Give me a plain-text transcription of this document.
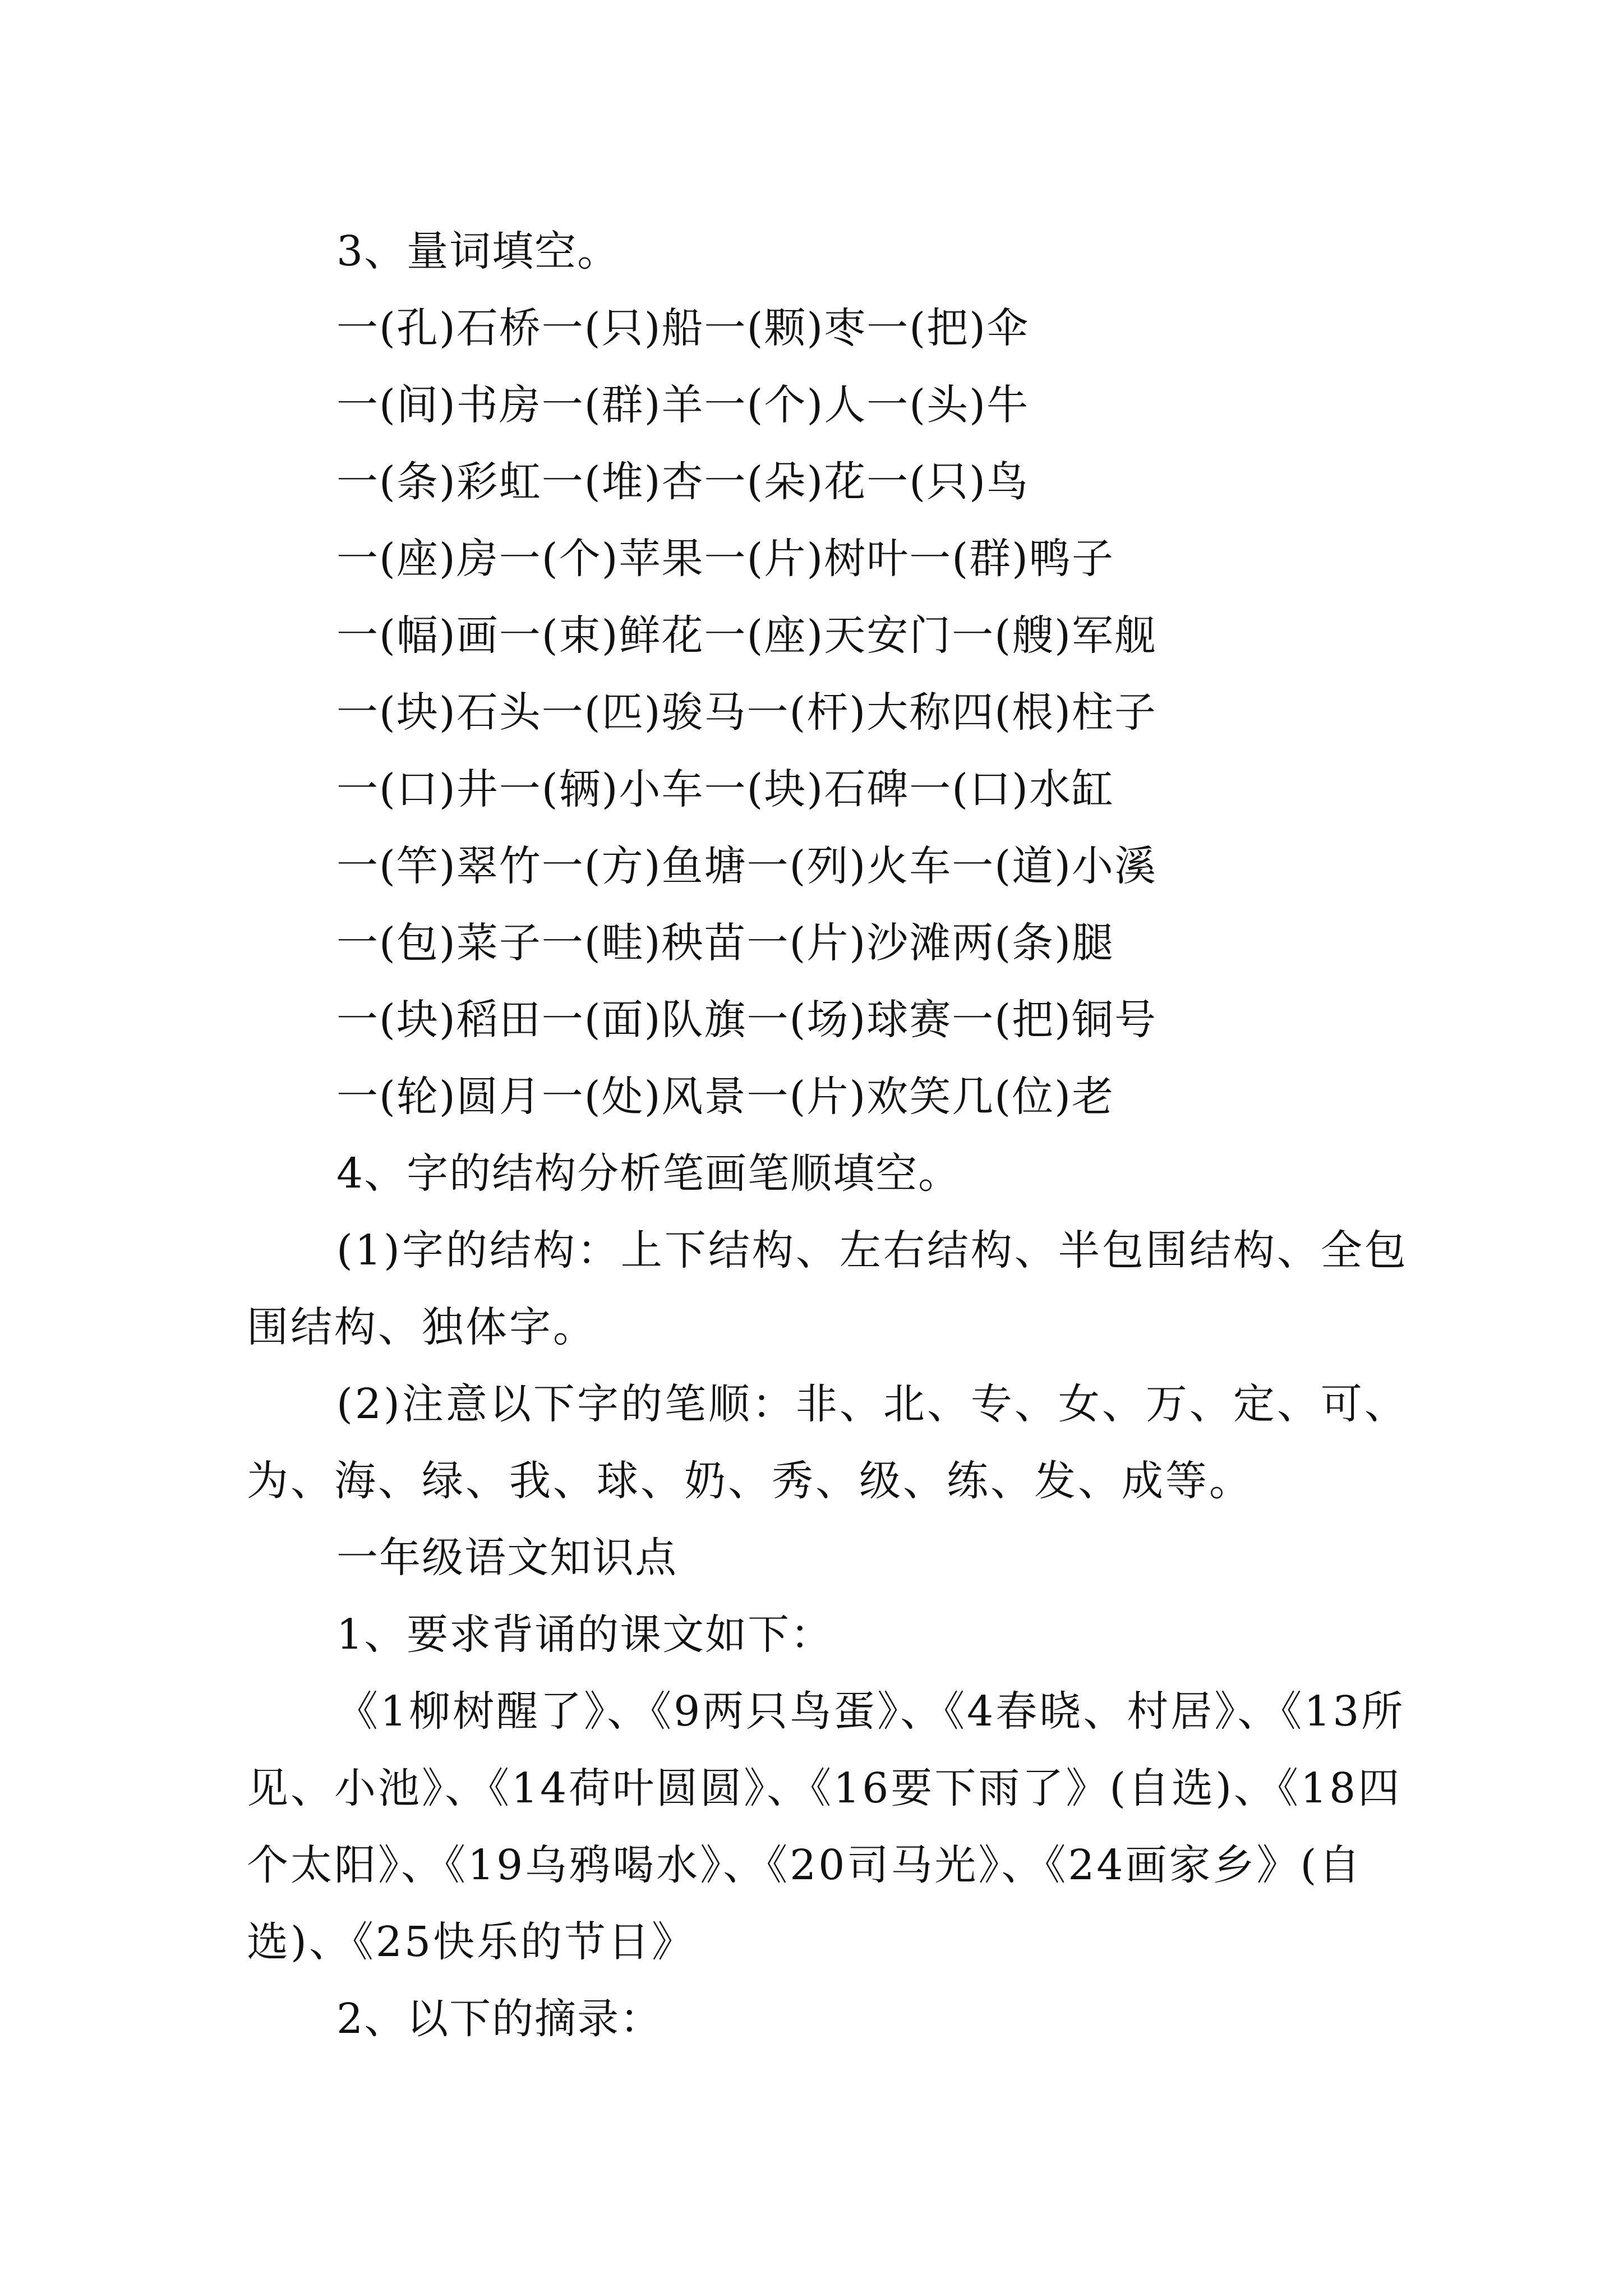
3、量词填空。
一(孔)石桥一(只)船一(颗)枣一(把)伞
一(间)书房一(群)羊一(个)人一(头)牛
一(条)彩虹一(堆)杏一(朵)花一(只)鸟
一(座)房一(个)苹果一(片)树叶一(群)鸭子
一(幅)画一(束)鲜花一(座)天安门一(艘)军舰
一(块)石头一(匹)骏马一(杆)大称四(根)柱子
一(口)井一(辆)小车一(块)石碑一(口)水缸
一(竿)翠竹一(方)鱼塘一(列)火车一(道)小溪
一(包)菜子一(畦)秧苗一(片)沙滩两(条)腿
一(块)稻田一(面)队旗一(场)球赛一(把)铜号
一(轮)圆月一(处)风景一(片)欢笑几(位)老
4、字的结构分析笔画笔顺填空。
(1)字的结构：上下结构、左右结构、半包围结构、全包围结构、独体字。
(2)注意以下字的笔顺：非、北、专、女、万、定、可、为、海、绿、我、球、奶、秀、级、练、发、成等。
一年级语文知识点
1、要求背诵的课文如下：
《1柳树醒了》、《9两只鸟蛋》、《4春晓、村居》、《13所见、小池》、《14荷叶圆圆》、《16要下雨了》(自选)、《18四个太阳》、《19乌鸦喝水》、《20司马光》、《24画家乡》(自选)、《25快乐的节日》
2、以下的摘录：
